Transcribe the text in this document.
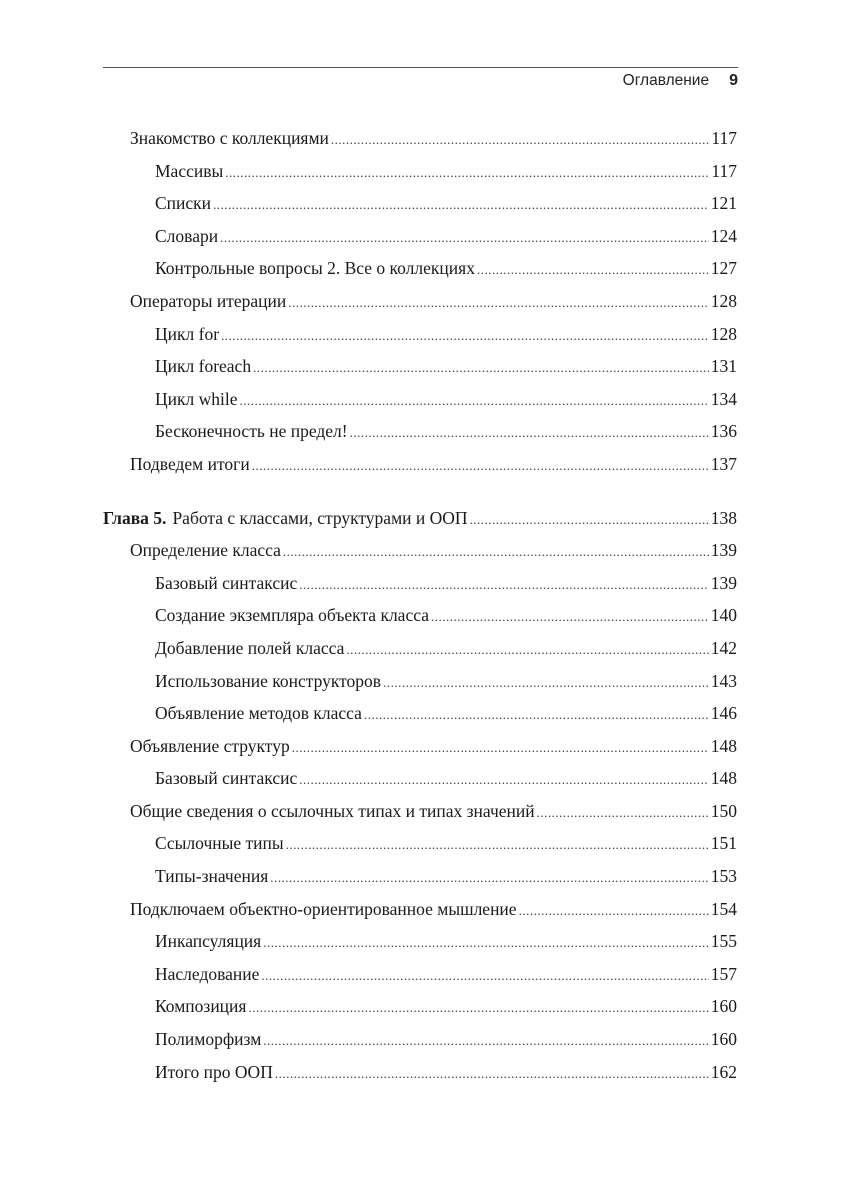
Оглавление 9
Знакомство с коллекциями .....	117
Массивы .....	117
Списки .....	121
Словари .....	124
Контрольные вопросы 2. Все о коллекциях .....	127
Операторы итерации .....	128
Цикл for .....	128
Цикл foreach .....	131
Цикл while .....	134
Бесконечность не предел! .....	136
Подведем итоги .....	137
Глава 5. Работа с классами, структурами и ООП .....	138
Определение класса .....	139
Базовый синтаксис .....	139
Создание экземпляра объекта класса .....	140
Добавление полей класса .....	142
Использование конструкторов .....	143
Объявление методов класса .....	146
Объявление структур .....	148
Базовый синтаксис .....	148
Общие сведения о ссылочных типах и типах значений .....	150
Ссылочные типы .....	151
Типы-значения .....	153
Подключаем объектно-ориентированное мышление .....	154
Инкапсуляция .....	155
Наследование .....	157
Композиция .....	160
Полиморфизм .....	160
Итого про ООП .....	162
